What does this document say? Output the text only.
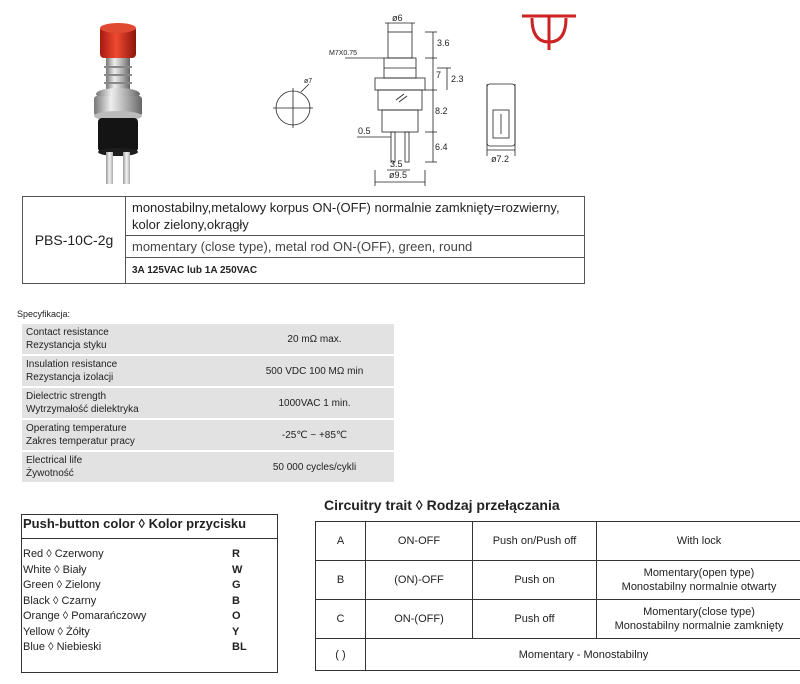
ø6
M7X0.75
3.6
7 2.3
8.2
6.4
0.5
3.5
ø9.5
ø7
ø7.2
PBS-10C-2g	monostabilny,metalowy korpus ON-(OFF) normalnie zamknięty=rozwierny, kolor zielony,okrągły
momentary (close type), metal rod ON-(OFF), green, round
3A 125VAC lub 1A 250VAC
Specyfikacja:
Contact resistance
Rezystancja styku	20 mΩ max.
Insulation resistance
Rezystancja izolacji	500 VDC 100 MΩ min
Dielectric strength
Wytrzymałość dielektryka	1000VAC 1 min.
Operating temperature
Zakres temperatur pracy	-25℃ ~ +85℃
Electrical life
Żywotność	50 000 cycles/cykli
Push-button color ◊ Kolor przycisku
Red ◊ Czerwony	R
White ◊ Biały	W
Green ◊ Zielony	G
Black ◊ Czarny	B
Orange ◊ Pomarańczowy	O
Yellow ◊ Żółty	Y
Blue ◊ Niebieski	BL
Circuitry trait ◊ Rodzaj przełączania
A	ON-OFF	Push on/Push off	With lock
B	(ON)-OFF	Push on	Momentary(open type)
Monostabilny normalnie otwarty
C	ON-(OFF)	Push off	Momentary(close type)
Monostabilny normalnie zamknięty
( )	Momentary - Monostabilny		
